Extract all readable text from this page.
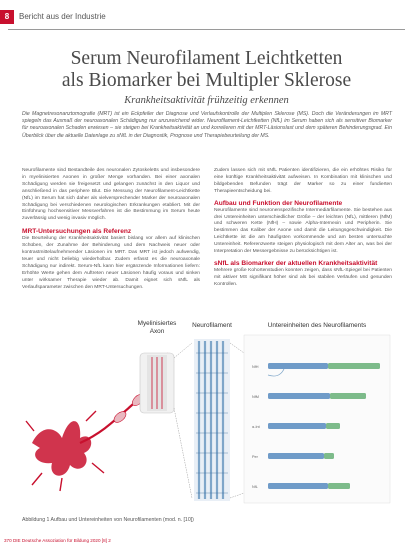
8	Bericht aus der Industrie
Serum Neurofilament Leichtketten
als Biomarker bei Multipler Sklerose
Krankheitsaktivität frühzeitig erkennen
Die Magnetresonanztomografie (MRT) ist ein Eckpfeiler der Diagnose und Verlaufskontrolle der Multiplen Sklerose (MS). Doch die Veränderungen im MRT spiegeln das Ausmaß der neuroaxonalen Schädigung nur unzureichend wider. Neurofilament-Leichtketten (NfL) im Serum haben sich als sensitiver Biomarker für neuroaxonalen Schaden erwiesen – sie steigen bei Krankheitsaktivität an und korrelieren mit der MRT-Läsionslast und dem späteren Behinderungsgrad. Ein Überblick über die aktuelle Datenlage zu sNfL in der Diagnostik, Prognose und Therapiebeurteilung der MS.

Neurofilamente sind Bestandteile des neuronalen Zytoskeletts und insbesondere in myelinisierten Axonen in großer Menge vorhanden. Bei einer axonalen Schädigung werden sie freigesetzt und gelangen zunächst in den Liquor und anschließend in das periphere Blut. Die Messung der Neurofilament-Leichtkette (NfL) im Serum hat sich daher als vielversprechender Marker der neuroaxonalen Schädigung bei verschiedenen neurologischen Erkrankungen etabliert. Mit der Einführung hochsensitiver Messverfahren ist die Bestimmung im Serum heute zuverlässig und wenig invasiv möglich.

MRT-Untersuchungen als Referenz

Die Beurteilung der Krankheitsaktivität basiert bislang vor allem auf klinischen Schüben, der Zunahme der Behinderung und dem Nachweis neuer oder kontrastmittelaufnehmender Läsionen im MRT. Das MRT ist jedoch aufwendig, teuer und nicht beliebig wiederholbar. Zudem erfasst es die neuroaxonale Schädigung nur indirekt. Serum-NfL kann hier ergänzende Informationen liefern: Erhöhte Werte gehen dem Auftreten neuer Läsionen häufig voraus und sinken unter wirksamer Therapie wieder ab. Damit eignet sich sNfL als Verlaufsparameter zwischen den MRT-Untersuchungen.

Zudem lassen sich mit sNfL Patienten identifizieren, die ein erhöhtes Risiko für eine künftige Krankheitsaktivität aufweisen. In Kombination mit klinischen und bildgebenden Befunden trägt der Marker so zu einer fundierten Therapieentscheidung bei.

Aufbau und Funktion der Neurofilamente

Neurofilamente sind neuronenspezifische Intermediärfilamente. Sie bestehen aus drei Untereinheiten unterschiedlicher Größe – der leichten (NfL), mittleren (NfM) und schweren Kette (NfH) – sowie Alpha-Internexin und Peripherin. Sie bestimmen das Kaliber der Axone und damit die Leitungsgeschwindigkeit. Die Leichtkette ist die am häufigsten vorkommende und am besten untersuchte Untereinheit. Referenzwerte steigen physiologisch mit dem Alter an, was bei der Interpretation der Messergebnisse zu berücksichtigen ist.

sNfL als Biomarker der aktuellen Krankheitsaktivität

Mehrere große Kohortenstudien konnten zeigen, dass sNfL-Spiegel bei Patienten mit aktiver MS signifikant höher sind als bei stabilen Verläufen und gesunden Kontrollen.

Myelinisiertes
Axon
Neurofilament	Untereinheiten des Neurofilaments
NfH
NfM
α-Int
Per
NfL
Abbildung 1 Aufbau und Untereinheiten von Neurofilamenten (mod. n. [10])
370 DIE Deutsche Assoziation für Bildung 2020 [8] 2
